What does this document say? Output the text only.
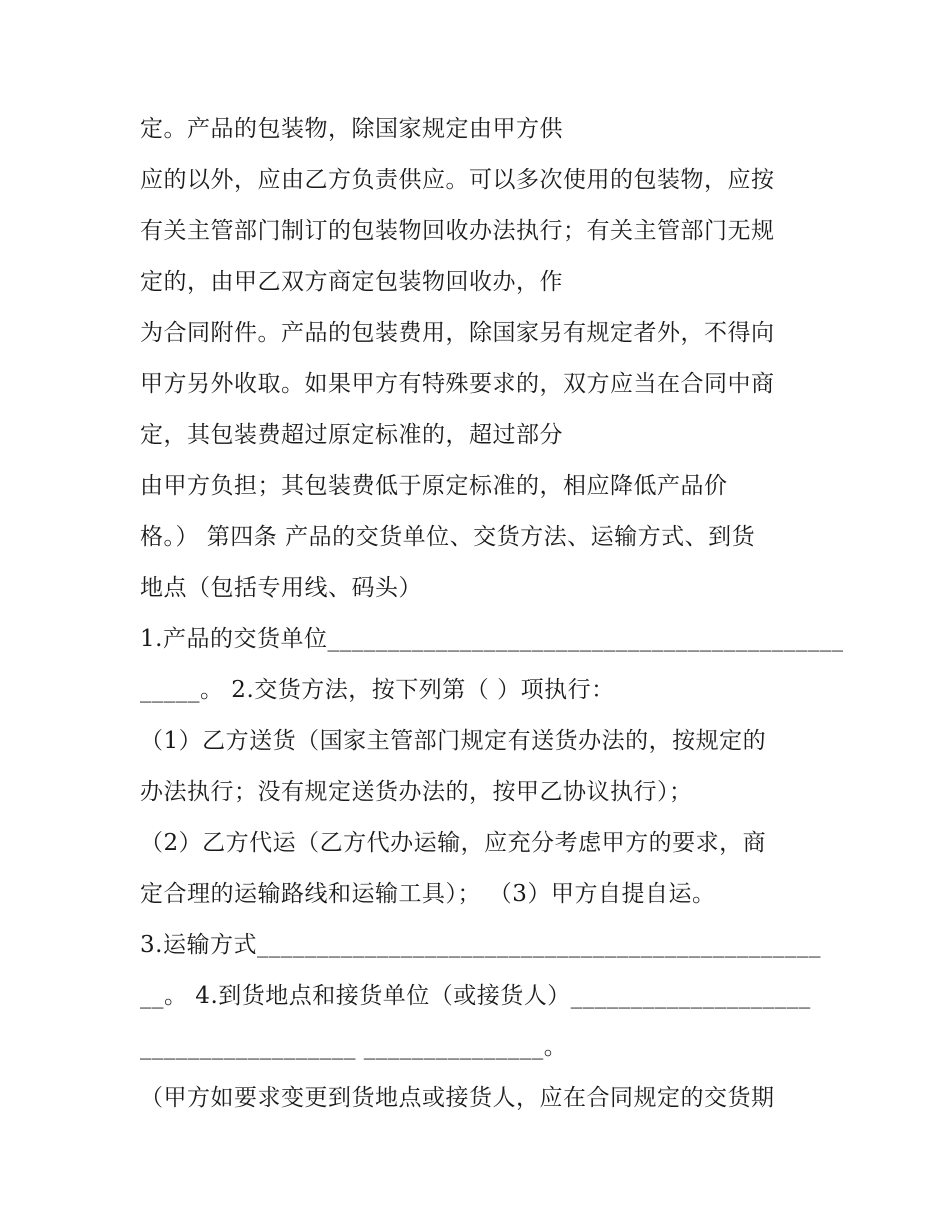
定。产品的包装物，除国家规定由甲方供
应的以外，应由乙方负责供应。可以多次使用的包装物，应按
有关主管部门制订的包装物回收办法执行；有关主管部门无规
定的，由甲乙双方商定包装物回收办，作
为合同附件。产品的包装费用，除国家另有规定者外，不得向
甲方另外收取。如果甲方有特殊要求的，双方应当在合同中商
定，其包装费超过原定标准的，超过部分
由甲方负担；其包装费低于原定标准的，相应降低产品价
格。） 第四条 产品的交货单位、交货方法、运输方式、到货
地点（包括专用线、码头）
1.产品的交货单位___________________________________________
_____。 2.交货方法，按下列第（ ）项执行：
（1）乙方送货（国家主管部门规定有送货办法的，按规定的
办法执行；没有规定送货办法的，按甲乙协议执行）；
（2）乙方代运（乙方代办运输，应充分考虑甲方的要求，商
定合理的运输路线和运输工具）； （3）甲方自提自运。
3.运输方式_______________________________________________
__。 4.到货地点和接货单位（或接货人）____________________
__________________ _______________。
（甲方如要求变更到货地点或接货人，应在合同规定的交货期
